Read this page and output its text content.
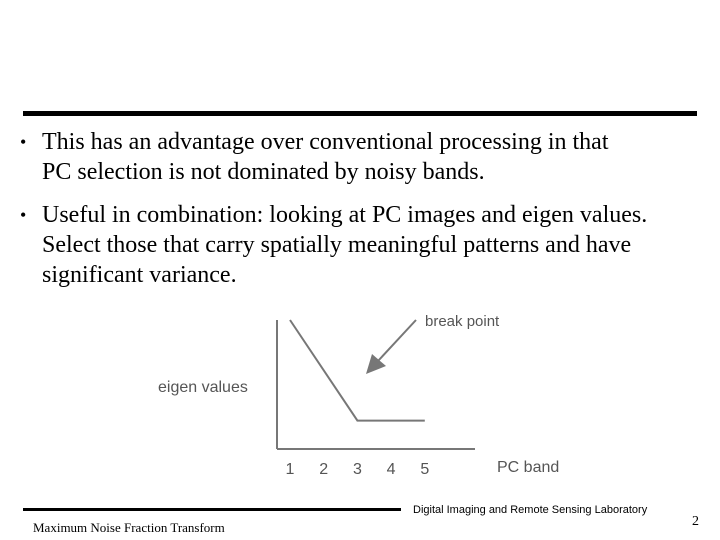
• This has an advantage over conventional processing in that
PC selection is not dominated by noisy bands.
• Useful in combination: looking at PC images and eigen values.
Select those that carry spatially meaningful patterns and have
significant variance.
eigen values
PC band
1 2 3 4 5
break point
Maximum Noise Fraction Transform
Digital Imaging and Remote Sensing Laboratory
2
